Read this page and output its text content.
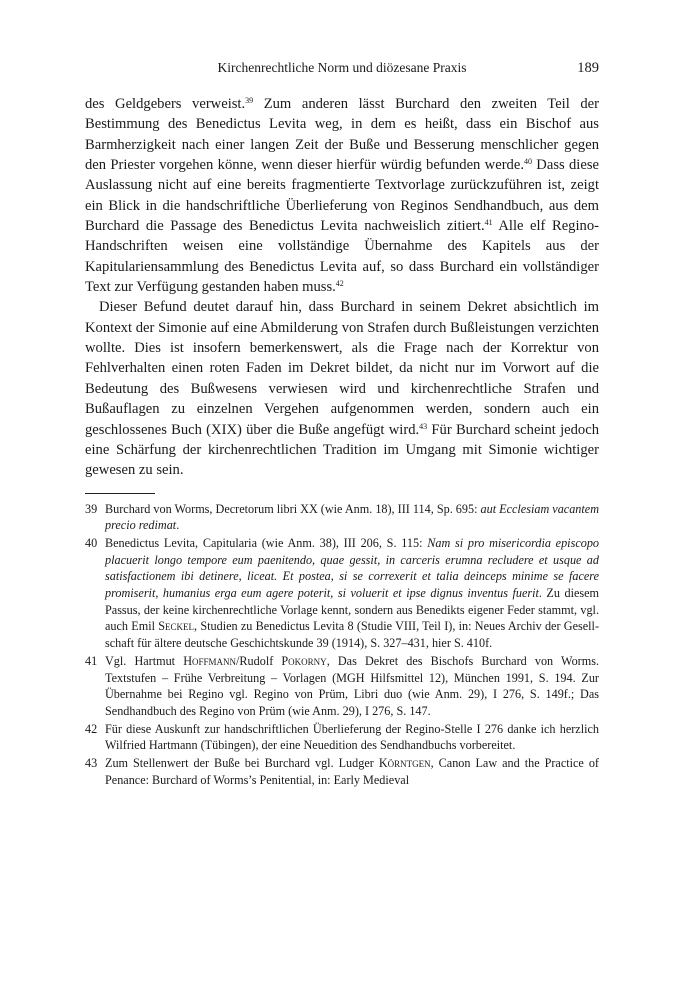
Kirchenrechtliche Norm und diözesane Praxis	189

des Geldgebers verweist.$^{39}$ Zum anderen lässt Burchard den zweiten Teil der Bestimmung des Benedictus Levita weg, in dem es heißt, dass ein Bischof aus Barmherzigkeit nach einer langen Zeit der Buße und Besserung menschlicher gegen den Priester vorgehen könne, wenn dieser hierfür würdig befunden werde.$^{40}$ Dass diese Auslassung nicht auf eine bereits fragmentierte Textvorlage zurückzuführen ist, zeigt ein Blick in die handschriftliche Überlieferung von Reginos Sendhandbuch, aus dem Burchard die Passage des Benedictus Levita nachweislich zitiert.$^{41}$ Alle elf Regino-Handschriften weisen eine vollständige Übernahme des Kapitels aus der Kapitulariensammlung des Benedictus Levita auf, so dass Burchard ein vollständiger Text zur Verfügung gestanden haben muss.$^{42}$

Dieser Befund deutet darauf hin, dass Burchard in seinem Dekret absichtlich im Kontext der Simonie auf eine Abmilderung von Strafen durch Bußleistungen verzichten wollte. Dies ist insofern bemerkenswert, als die Frage nach der Korrektur von Fehlverhalten einen roten Faden im Dekret bildet, da nicht nur im Vorwort auf die Bedeutung des Bußwesens verwiesen wird und kirchenrechtliche Strafen und Bußauflagen zu einzelnen Vergehen aufgenommen werden, sondern auch ein geschlossenes Buch (XIX) über die Buße angefügt wird.$^{43}$ Für Burchard scheint jedoch eine Schärfung der kirchenrechtlichen Tradition im Umgang mit Simonie wichtiger gewesen zu sein.

39 Burchard von Worms, Decretorum libri XX (wie Anm. 18), III 114, Sp. 695: aut Ecclesiam vacantem precio redimat.
40 Benedictus Levita, Capitularia (wie Anm. 38), III 206, S. 115: Nam si pro misericordia episcopo placuerit longo tempore eum paenitendo, quae gessit, in carceris erumna recludere et usque ad satisfactionem ibi detinere, liceat. Et postea, si se correxerit et talia deinceps minime se facere promiserit, humanius erga eum agere poterit, si voluerit et ipse dignus inventus fuerit. Zu diesem Passus, der keine kirchenrechtliche Vorlage kennt, sondern aus Benedikts eigener Feder stammt, vgl. auch Emil Seckel, Studien zu Benedictus Levita 8 (Studie VIII, Teil I), in: Neues Archiv der Gesellschaft für ältere deutsche Geschichtskunde 39 (1914), S. 327–431, hier S. 410f.
41 Vgl. Hartmut Hoffmann/Rudolf Pokorny, Das Dekret des Bischofs Burchard von Worms. Textstufen – Frühe Verbreitung – Vorlagen (MGH Hilfsmittel 12), München 1991, S. 194. Zur Übernahme bei Regino vgl. Regino von Prüm, Libri duo (wie Anm. 29), I 276, S. 149f.; Das Sendhandbuch des Regino von Prüm (wie Anm. 29), I 276, S. 147.
42 Für diese Auskunft zur handschriftlichen Überlieferung der Regino-Stelle I 276 danke ich herzlich Wilfried Hartmann (Tübingen), der eine Neuedition des Sendhandbuchs vorbereitet.
43 Zum Stellenwert der Buße bei Burchard vgl. Ludger Körntgen, Canon Law and the Practice of Penance: Burchard of Worms’s Penitential, in: Early Medieval
